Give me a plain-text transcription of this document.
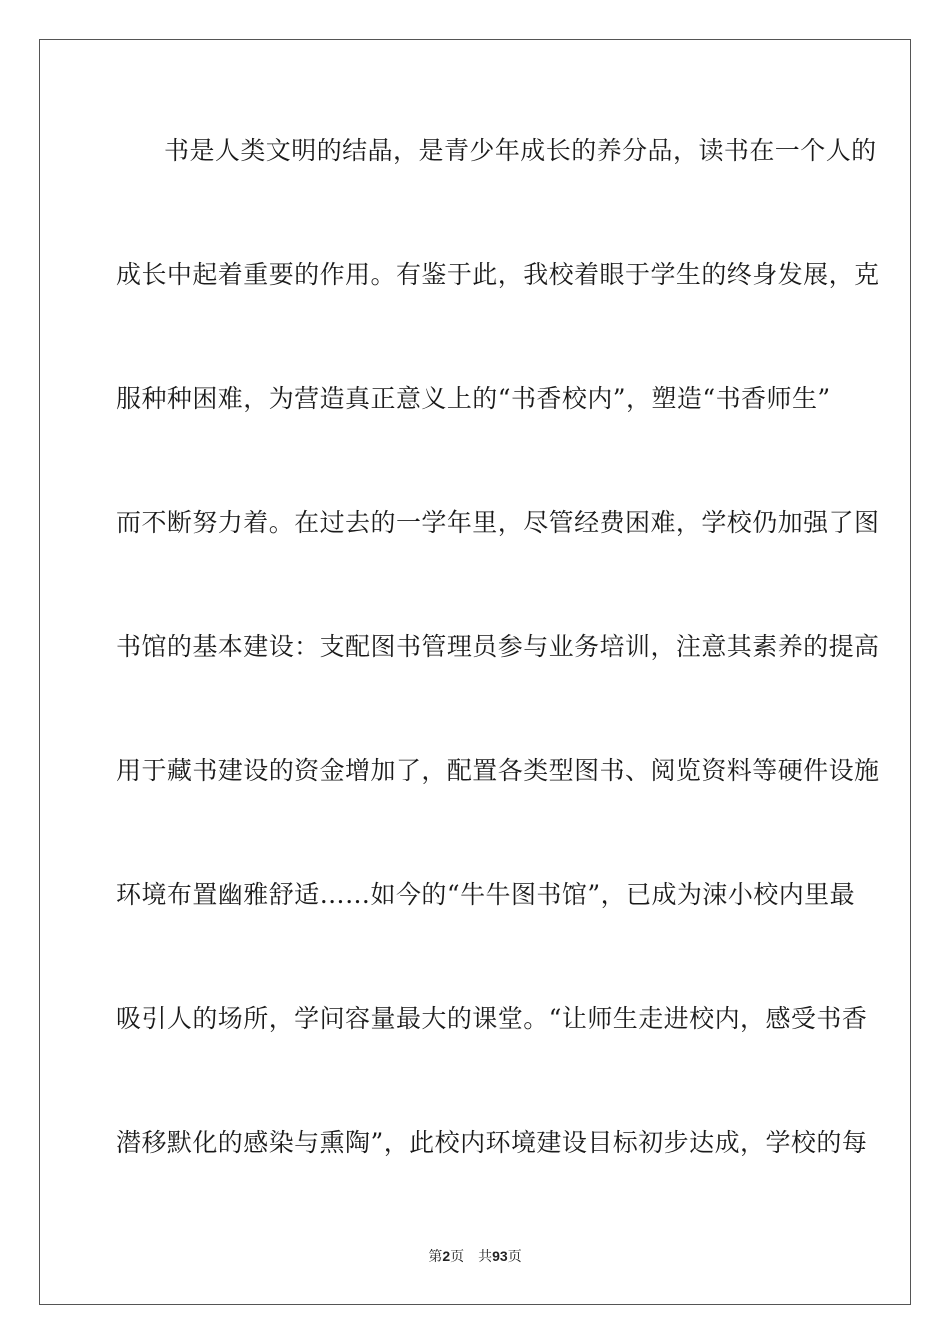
书是人类文明的结晶，是青少年成长的养分品，读书在一个人的
成长中起着重要的作用。有鉴于此，我校着眼于学生的终身发展，克
服种种困难，为营造真正意义上的“书香校内”，塑造“书香师生”
而不断努力着。在过去的一学年里，尽管经费困难，学校仍加强了图
书馆的基本建设：支配图书管理员参与业务培训，注意其素养的提高
用于藏书建设的资金增加了，配置各类型图书、阅览资料等硬件设施
环境布置幽雅舒适……如今的“牛牛图书馆”，已成为涑小校内里最
吸引人的场所，学问容量最大的课堂。“让师生走进校内，感受书香
潜移默化的感染与熏陶”，此校内环境建设目标初步达成，学校的每
第2页 共93页
